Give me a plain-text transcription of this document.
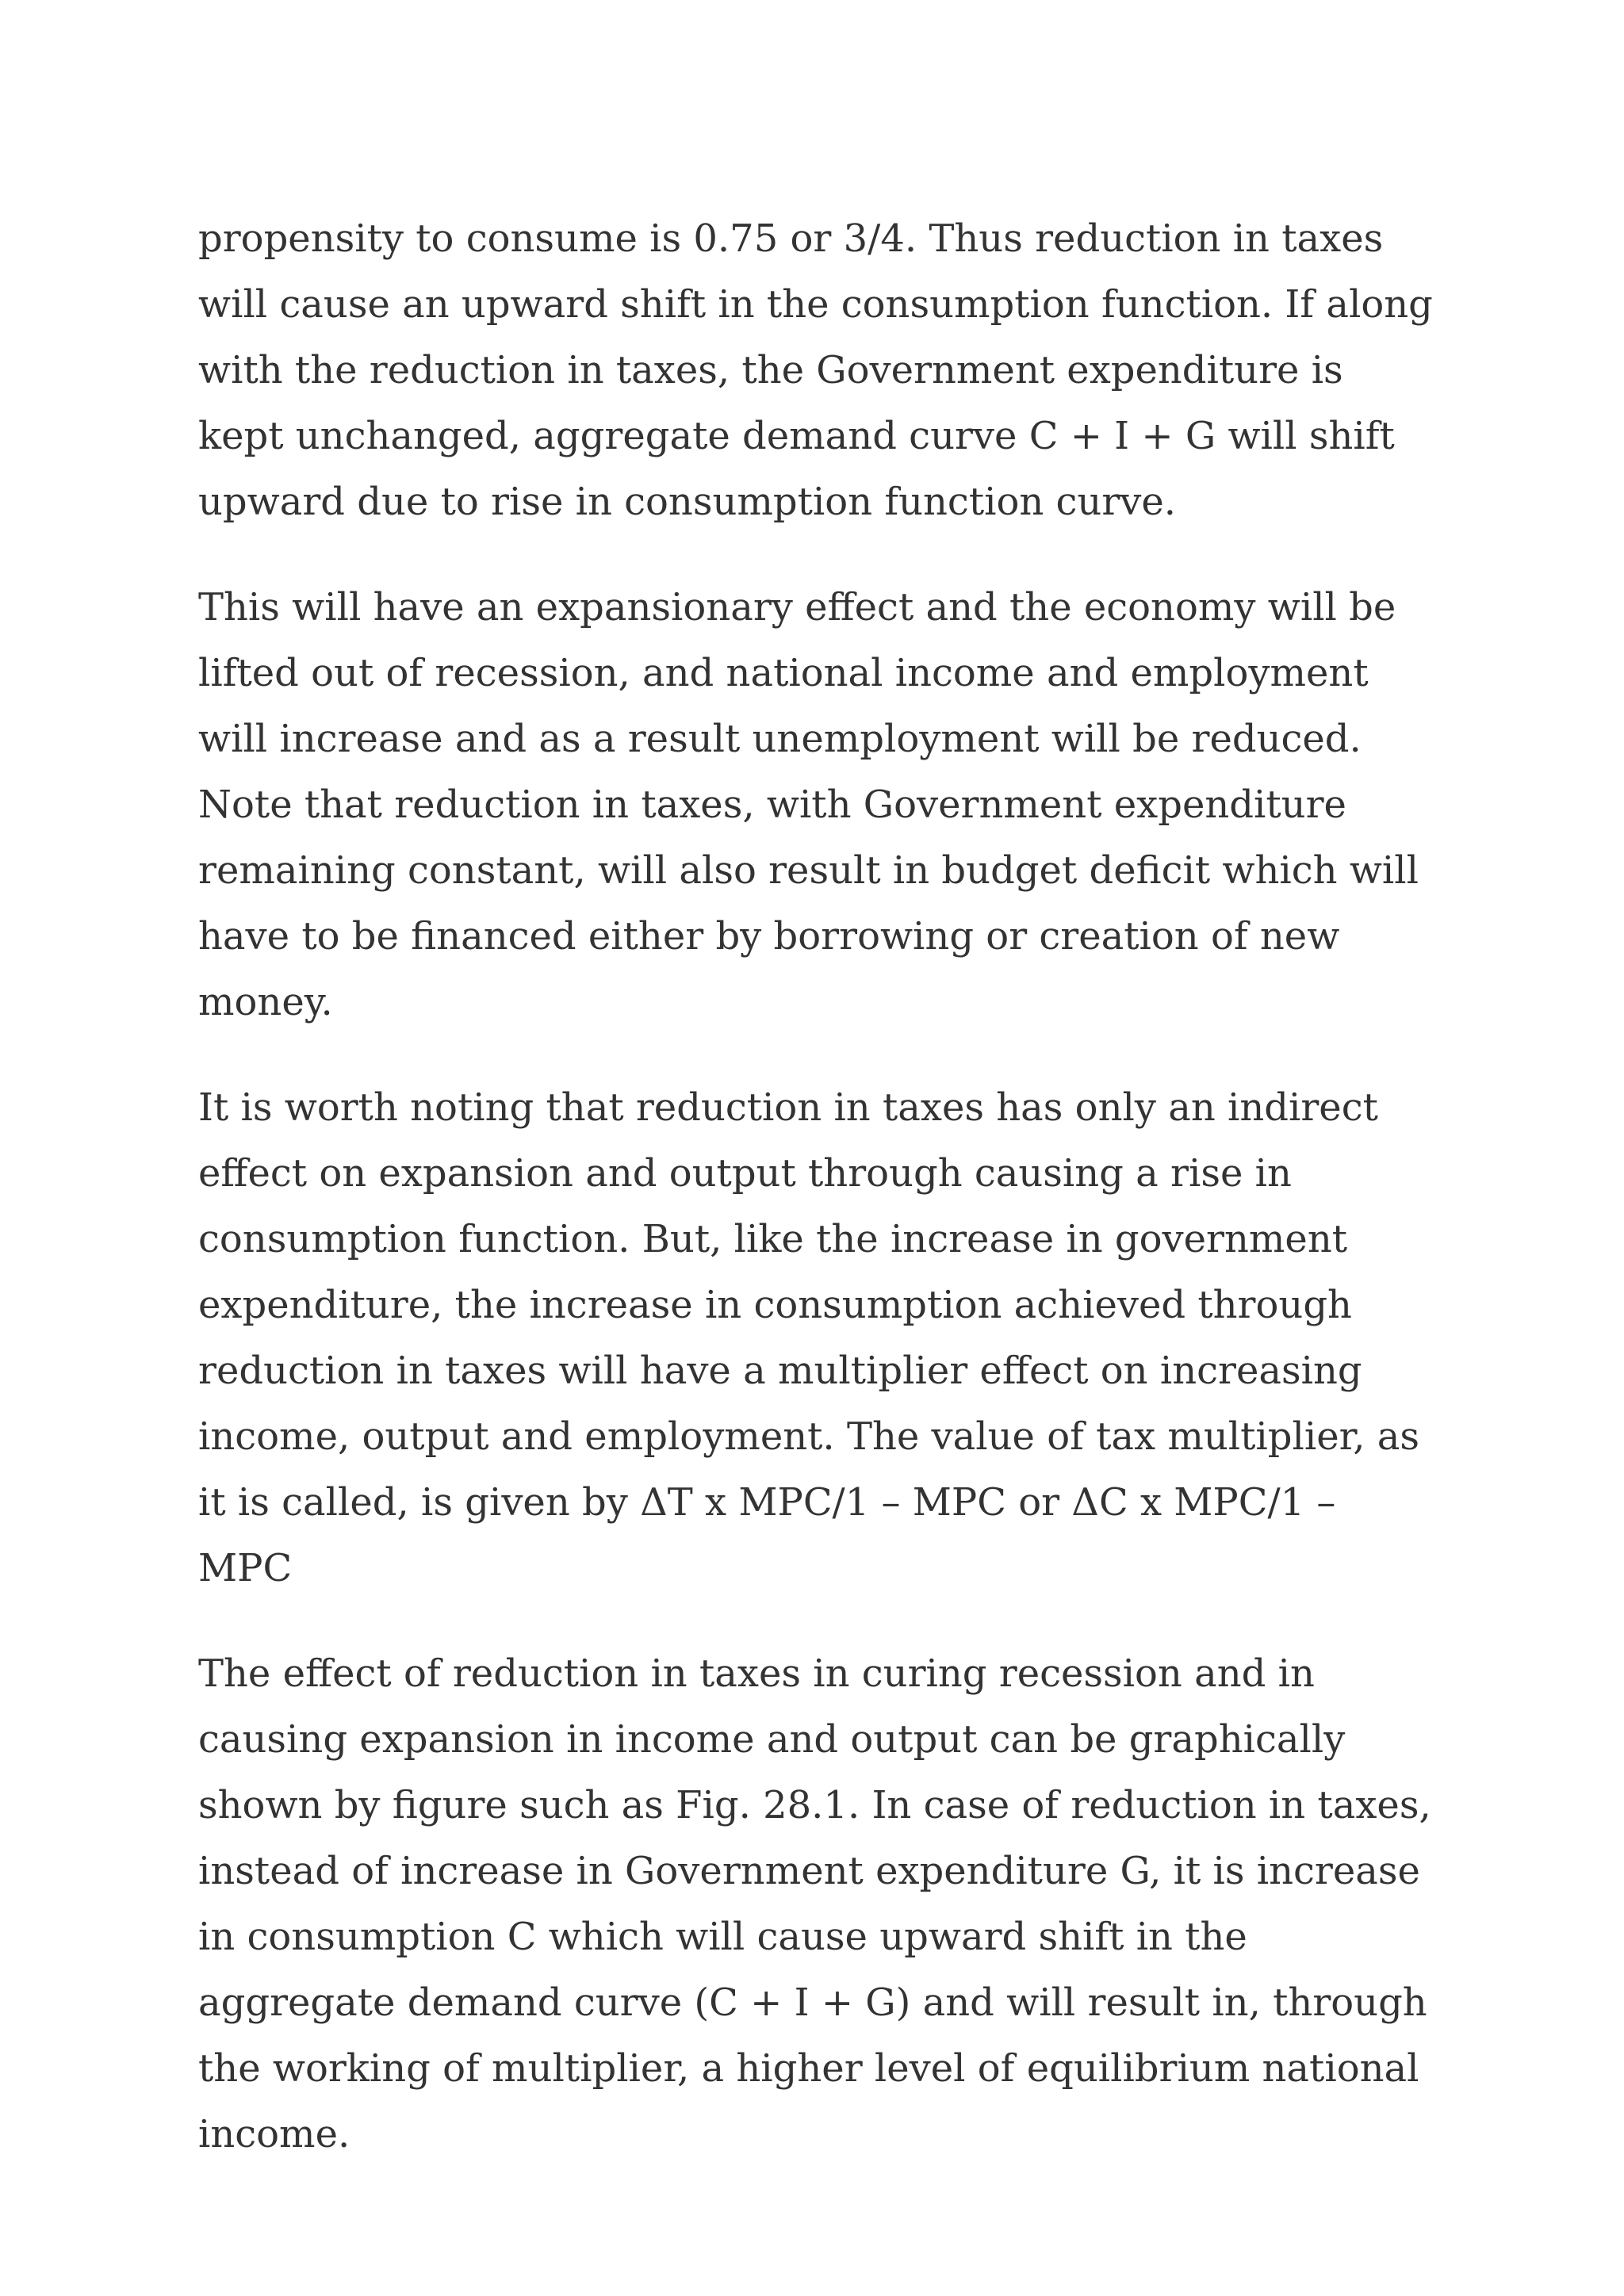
propensity to consume is 0.75 or 3/4. Thus reduction in taxes will cause an upward shift in the consumption function. If along with the reduction in taxes, the Government expenditure is kept unchanged, aggregate demand curve C + I + G will shift upward due to rise in consumption function curve.

This will have an expansionary effect and the economy will be lifted out of recession, and national income and employment will increase and as a result unemployment will be reduced. Note that reduction in taxes, with Government expenditure remaining constant, will also result in budget deficit which will have to be financed either by borrowing or creation of new money.

It is worth noting that reduction in taxes has only an indirect effect on expansion and output through causing a rise in consumption function. But, like the increase in government expenditure, the increase in consumption achieved through reduction in taxes will have a multiplier effect on increasing income, output and employment. The value of tax multiplier, as it is called, is given by ΔT x MPC/1 – MPC or ΔC x MPC/1 – MPC

The effect of reduction in taxes in curing recession and in causing expansion in income and output can be graphically shown by figure such as Fig. 28.1. In case of reduction in taxes, instead of increase in Government expenditure G, it is increase in consumption C which will cause upward shift in the aggregate demand curve (C + I + G) and will result in, through the working of multiplier, a higher level of equilibrium national income.
